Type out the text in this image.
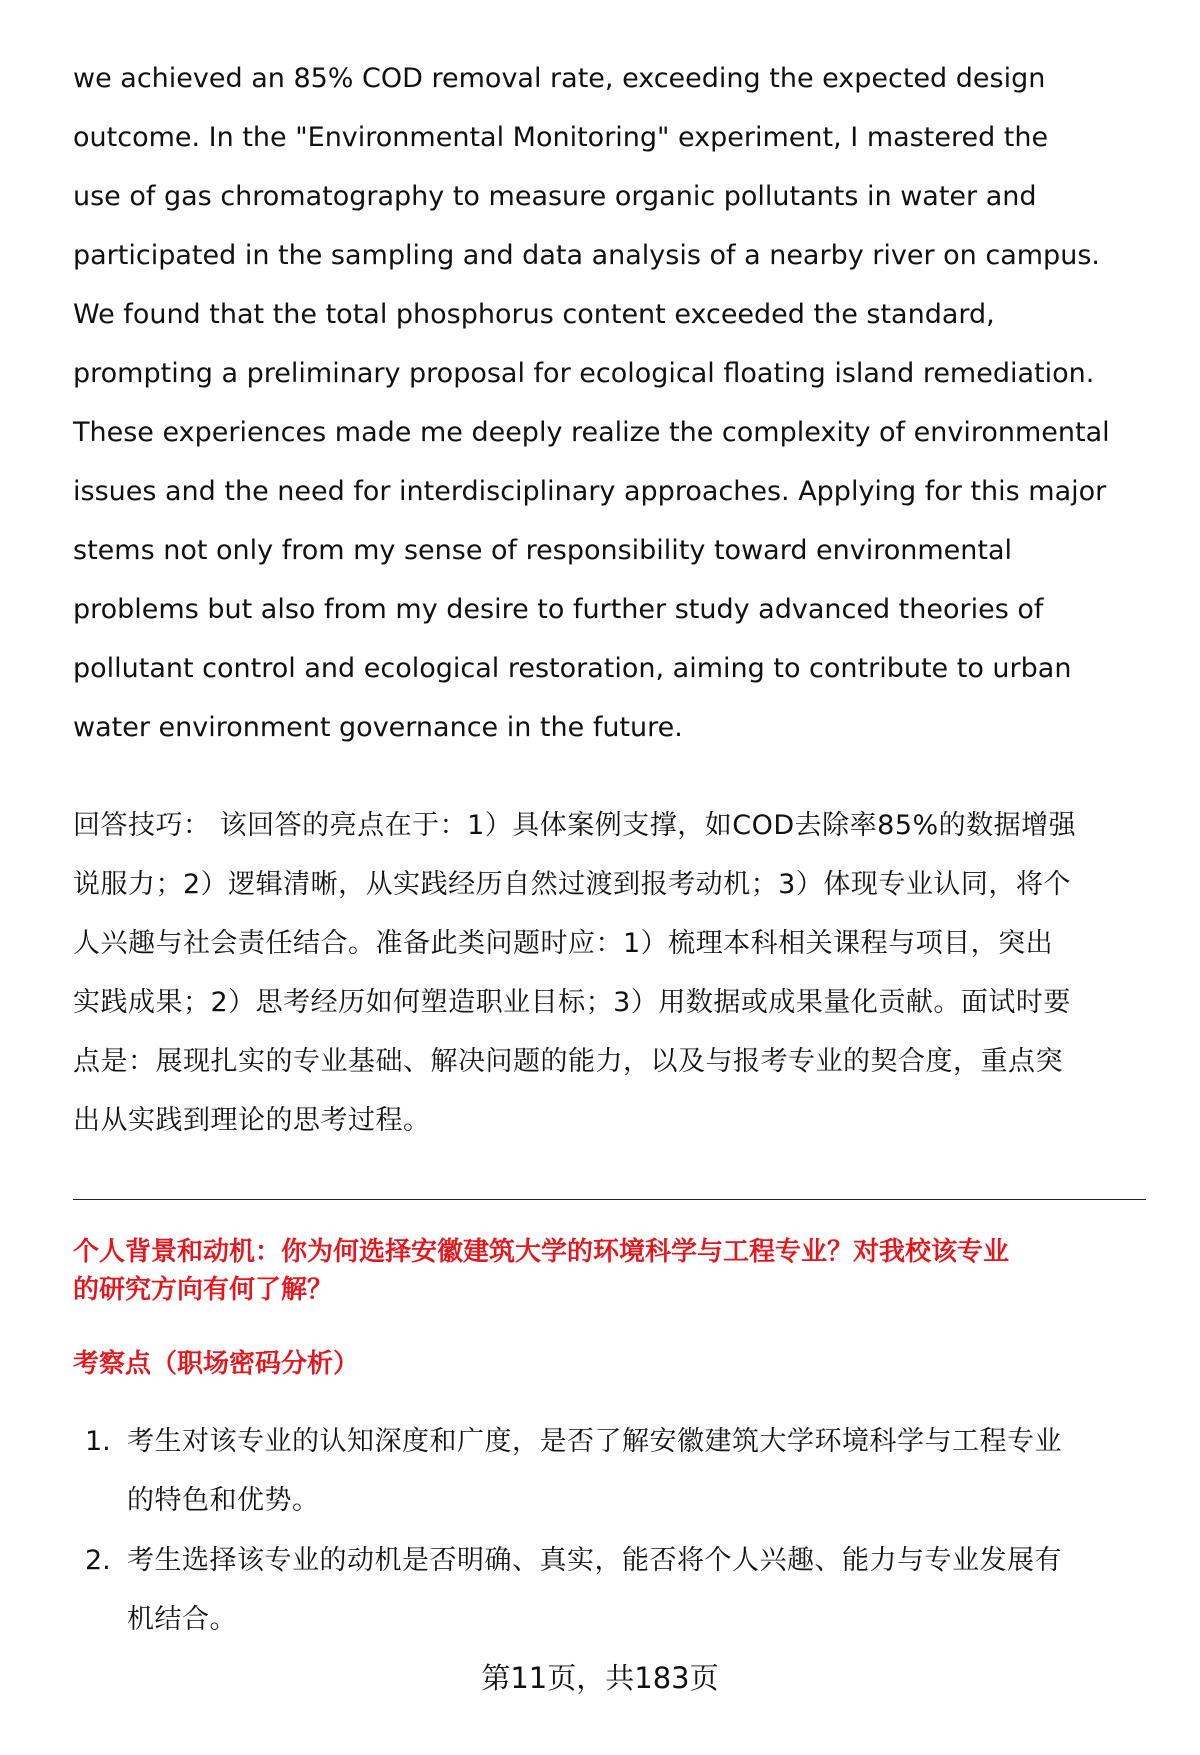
we achieved an 85% COD removal rate, exceeding the expected design
outcome. In the "Environmental Monitoring" experiment, I mastered the
use of gas chromatography to measure organic pollutants in water and
participated in the sampling and data analysis of a nearby river on campus.
We found that the total phosphorus content exceeded the standard,
prompting a preliminary proposal for ecological floating island remediation.
These experiences made me deeply realize the complexity of environmental
issues and the need for interdisciplinary approaches. Applying for this major
stems not only from my sense of responsibility toward environmental
problems but also from my desire to further study advanced theories of
pollutant control and ecological restoration, aiming to contribute to urban
water environment governance in the future.
回答技巧： 该回答的亮点在于：1）具体案例支撑，如COD去除率85%的数据增强
说服力；2）逻辑清晰，从实践经历自然过渡到报考动机；3）体现专业认同，将个
人兴趣与社会责任结合。准备此类问题时应：1）梳理本科相关课程与项目，突出
实践成果；2）思考经历如何塑造职业目标；3）用数据或成果量化贡献。面试时要
点是：展现扎实的专业基础、解决问题的能力，以及与报考专业的契合度，重点突
出从实践到理论的思考过程。
个人背景和动机：你为何选择安徽建筑大学的环境科学与工程专业？对我校该专业
的研究方向有何了解？
考察点（职场密码分析）
1. 考生对该专业的认知深度和广度，是否了解安徽建筑大学环境科学与工程专业
的特色和优势。
2. 考生选择该专业的动机是否明确、真实，能否将个人兴趣、能力与专业发展有
机结合。
第11页，共183页
